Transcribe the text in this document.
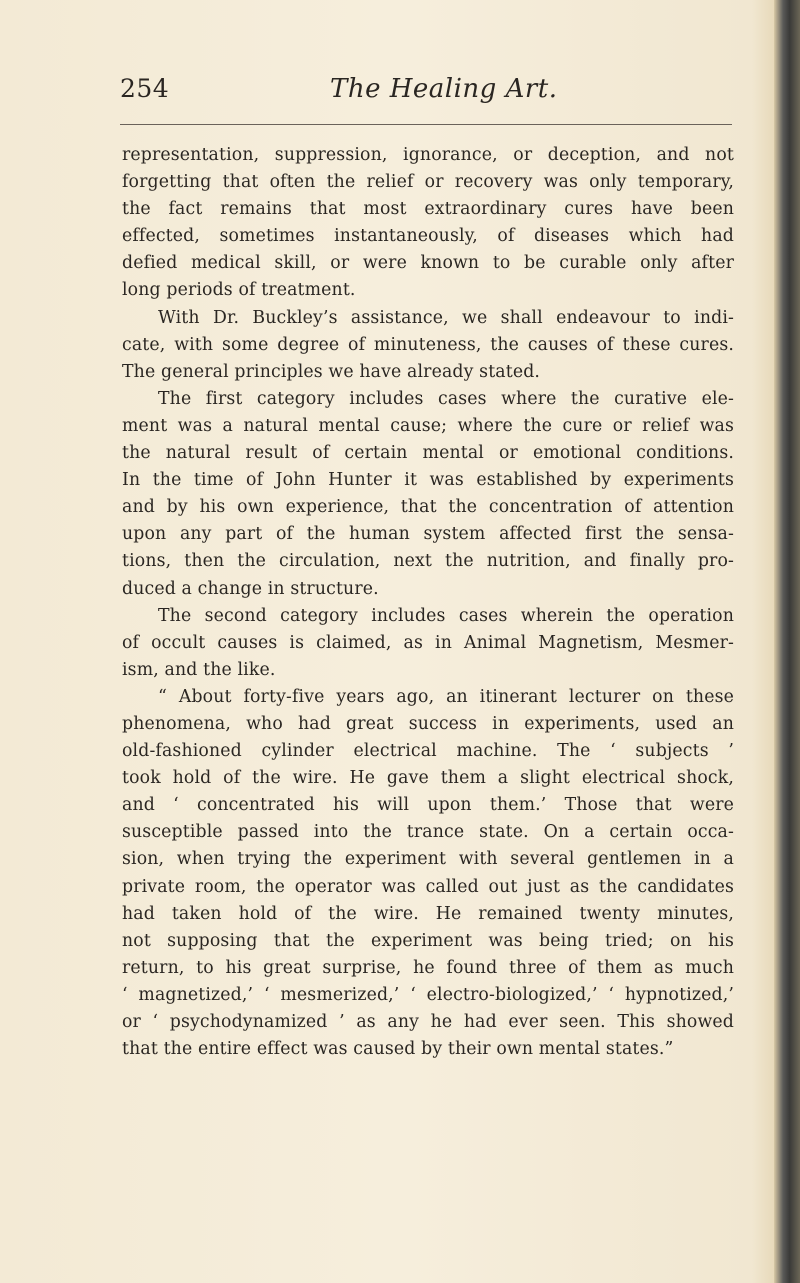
254	The Healing Art.
representation, suppression, ignorance, or deception, and not
forgetting that often the relief or recovery was only temporary,
the fact remains that most extraordinary cures have been
effected, sometimes instantaneously, of diseases which had
defied medical skill, or were known to be curable only after
long periods of treatment.
With Dr. Buckley’s assistance, we shall endeavour to indi-
cate, with some degree of minuteness, the causes of these cures.
The general principles we have already stated.
The first category includes cases where the curative ele-
ment was a natural mental cause; where the cure or relief was
the natural result of certain mental or emotional conditions.
In the time of John Hunter it was established by experiments
and by his own experience, that the concentration of attention
upon any part of the human system affected first the sensa-
tions, then the circulation, next the nutrition, and finally pro-
duced a change in structure.
The second category includes cases wherein the operation
of occult causes is claimed, as in Animal Magnetism, Mesmer-
ism, and the like.
“ About forty-five years ago, an itinerant lecturer on these
phenomena, who had great success in experiments, used an
old-fashioned cylinder electrical machine. The ‘ subjects ’
took hold of the wire. He gave them a slight electrical shock,
and ‘ concentrated his will upon them.’ Those that were
susceptible passed into the trance state. On a certain occa-
sion, when trying the experiment with several gentlemen in a
private room, the operator was called out just as the candidates
had taken hold of the wire. He remained twenty minutes,
not supposing that the experiment was being tried; on his
return, to his great surprise, he found three of them as much
‘ magnetized,’ ‘ mesmerized,’ ‘ electro-biologized,’ ‘ hypnotized,’
or ‘ psychodynamized ’ as any he had ever seen. This showed
that the entire effect was caused by their own mental states.”
